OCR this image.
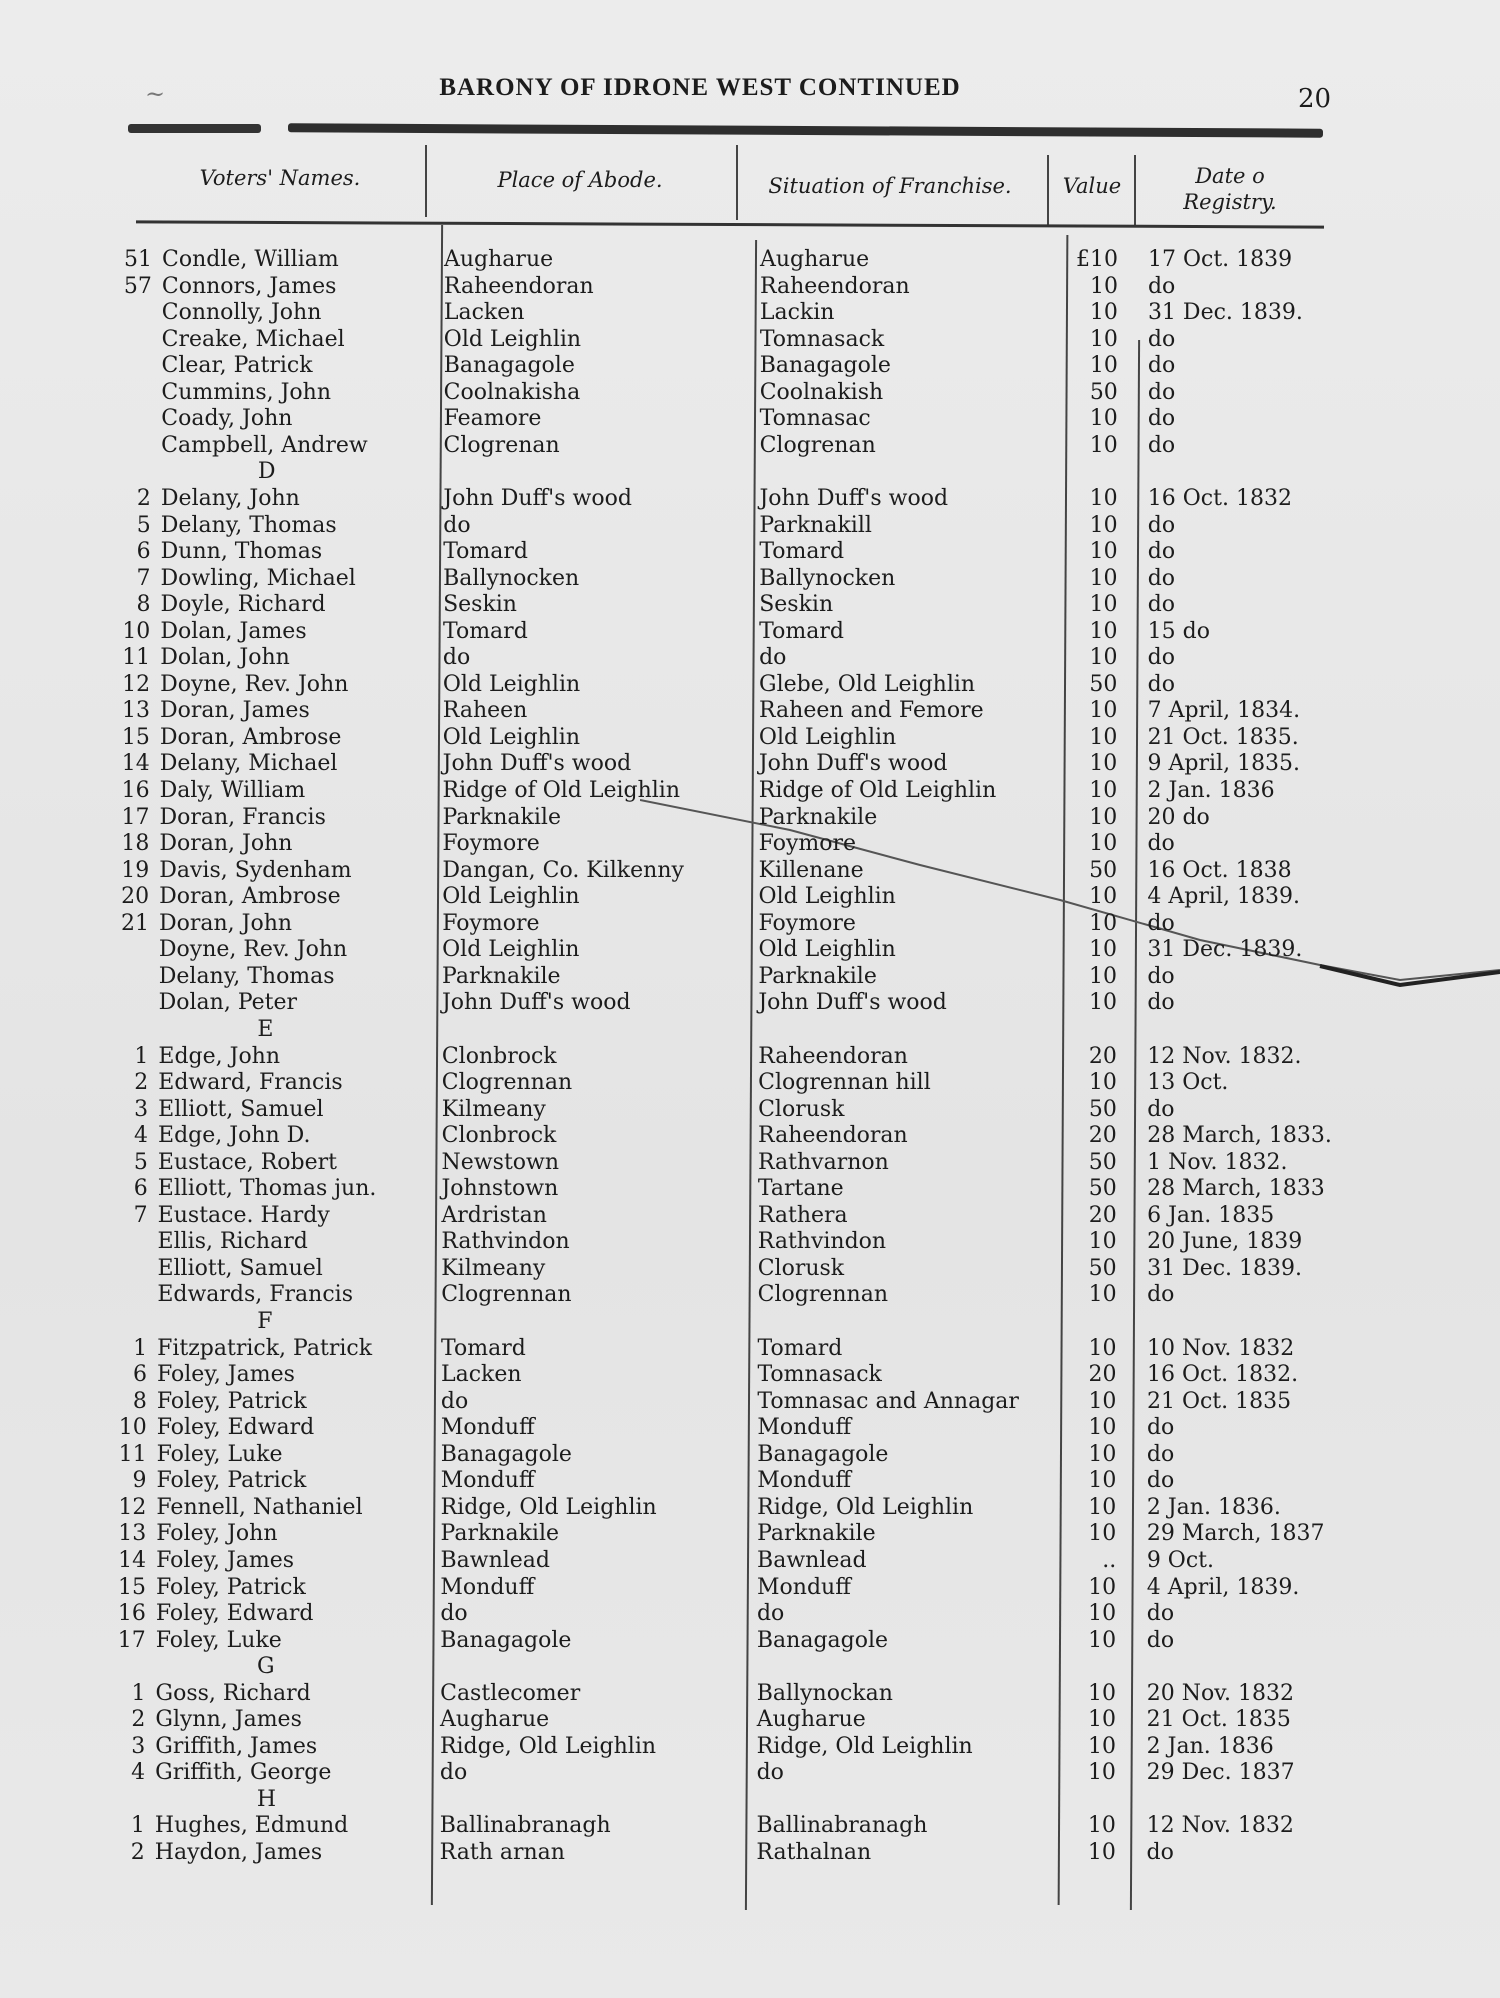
~	BARONY OF IDRONE WEST CONTINUED	20
Voters' Names.	Place of Abode.	Situation of Franchise.	Value	Date o
Registry.
51 Condle, William	Augharue	Augharue	£10 17 Oct. 1839
57 Connors, James	Raheendoran	Raheendoran	10 do
Connolly, John	Lacken	Lackin	10 31 Dec. 1839.
Creake, Michael	Old Leighlin	Tomnasack	10 do
Clear, Patrick	Banagagole	Banagagole	10 do
Cummins, John	Coolnakisha	Coolnakish	50 do
Coady, John	Feamore	Tomnasac	10 do
Campbell, Andrew	Clogrenan	Clogrenan	10 do
D
2 Delany, John	John Duff's wood	John Duff's wood	10 16 Oct. 1832
5 Delany, Thomas	do	Parknakill	10 do
6 Dunn, Thomas	Tomard	Tomard	10 do
7 Dowling, Michael	Ballynocken	Ballynocken	10 do
8 Doyle, Richard	Seskin	Seskin	10 do
10 Dolan, James	Tomard	Tomard	10 15 do
11 Dolan, John	do	do	10 do
12 Doyne, Rev. John	Old Leighlin	Glebe, Old Leighlin	50 do
13 Doran, James	Raheen	Raheen and Femore	10 7 April, 1834.
15 Doran, Ambrose	Old Leighlin	Old Leighlin	10 21 Oct. 1835.
14 Delany, Michael	John Duff's wood	John Duff's wood	10 9 April, 1835.
16 Daly, William	Ridge of Old Leighlin	Ridge of Old Leighlin	10 2 Jan. 1836
17 Doran, Francis	Parknakile	Parknakile	10 20 do
18 Doran, John	Foymore	Foymore	10 do
19 Davis, Sydenham	Dangan, Co. Kilkenny	Killenane	50 16 Oct. 1838
20 Doran, Ambrose	Old Leighlin	Old Leighlin	10 4 April, 1839.
21 Doran, John	Foymore	Foymore	10 do
Doyne, Rev. John	Old Leighlin	Old Leighlin	10 31 Dec. 1839.
Delany, Thomas	Parknakile	Parknakile	10 do
Dolan, Peter	John Duff's wood	John Duff's wood	10 do
E
1 Edge, John	Clonbrock	Raheendoran	20 12 Nov. 1832.
2 Edward, Francis	Clogrennan	Clogrennan hill	10 13 Oct.
3 Elliott, Samuel	Kilmeany	Clorusk	50 do
4 Edge, John D.	Clonbrock	Raheendoran	20 28 March, 1833.
5 Eustace, Robert	Newstown	Rathvarnon	50 1 Nov. 1832.
6 Elliott, Thomas jun.	Johnstown	Tartane	50 28 March, 1833
7 Eustace. Hardy	Ardristan	Rathera	20 6 Jan. 1835
Ellis, Richard	Rathvindon	Rathvindon	10 20 June, 1839
Elliott, Samuel	Kilmeany	Clorusk	50 31 Dec. 1839.
Edwards, Francis	Clogrennan	Clogrennan	10 do
F
1 Fitzpatrick, Patrick	Tomard	Tomard	10 10 Nov. 1832
6 Foley, James	Lacken	Tomnasack	20 16 Oct. 1832.
8 Foley, Patrick	do	Tomnasac and Annagar	10 21 Oct. 1835
10 Foley, Edward	Monduff	Monduff	10 do
11 Foley, Luke	Banagagole	Banagagole	10 do
9 Foley, Patrick	Monduff	Monduff	10 do
12 Fennell, Nathaniel	Ridge, Old Leighlin	Ridge, Old Leighlin	10 2 Jan. 1836.
13 Foley, John	Parknakile	Parknakile	10 29 March, 1837
14 Foley, James	Bawnlead	Bawnlead	.. 9 Oct.
15 Foley, Patrick	Monduff	Monduff	10 4 April, 1839.
16 Foley, Edward	do	do	10 do
17 Foley, Luke	Banagagole	Banagagole	10 do
G
1 Goss, Richard	Castlecomer	Ballynockan	10 20 Nov. 1832
2 Glynn, James	Augharue	Augharue	10 21 Oct. 1835
3 Griffith, James	Ridge, Old Leighlin	Ridge, Old Leighlin	10 2 Jan. 1836
4 Griffith, George	do	do	10 29 Dec. 1837
H
1 Hughes, Edmund	Ballinabranagh	Ballinabranagh	10 12 Nov. 1832
2 Haydon, James	Rath arnan	Rathalnan	10 do
